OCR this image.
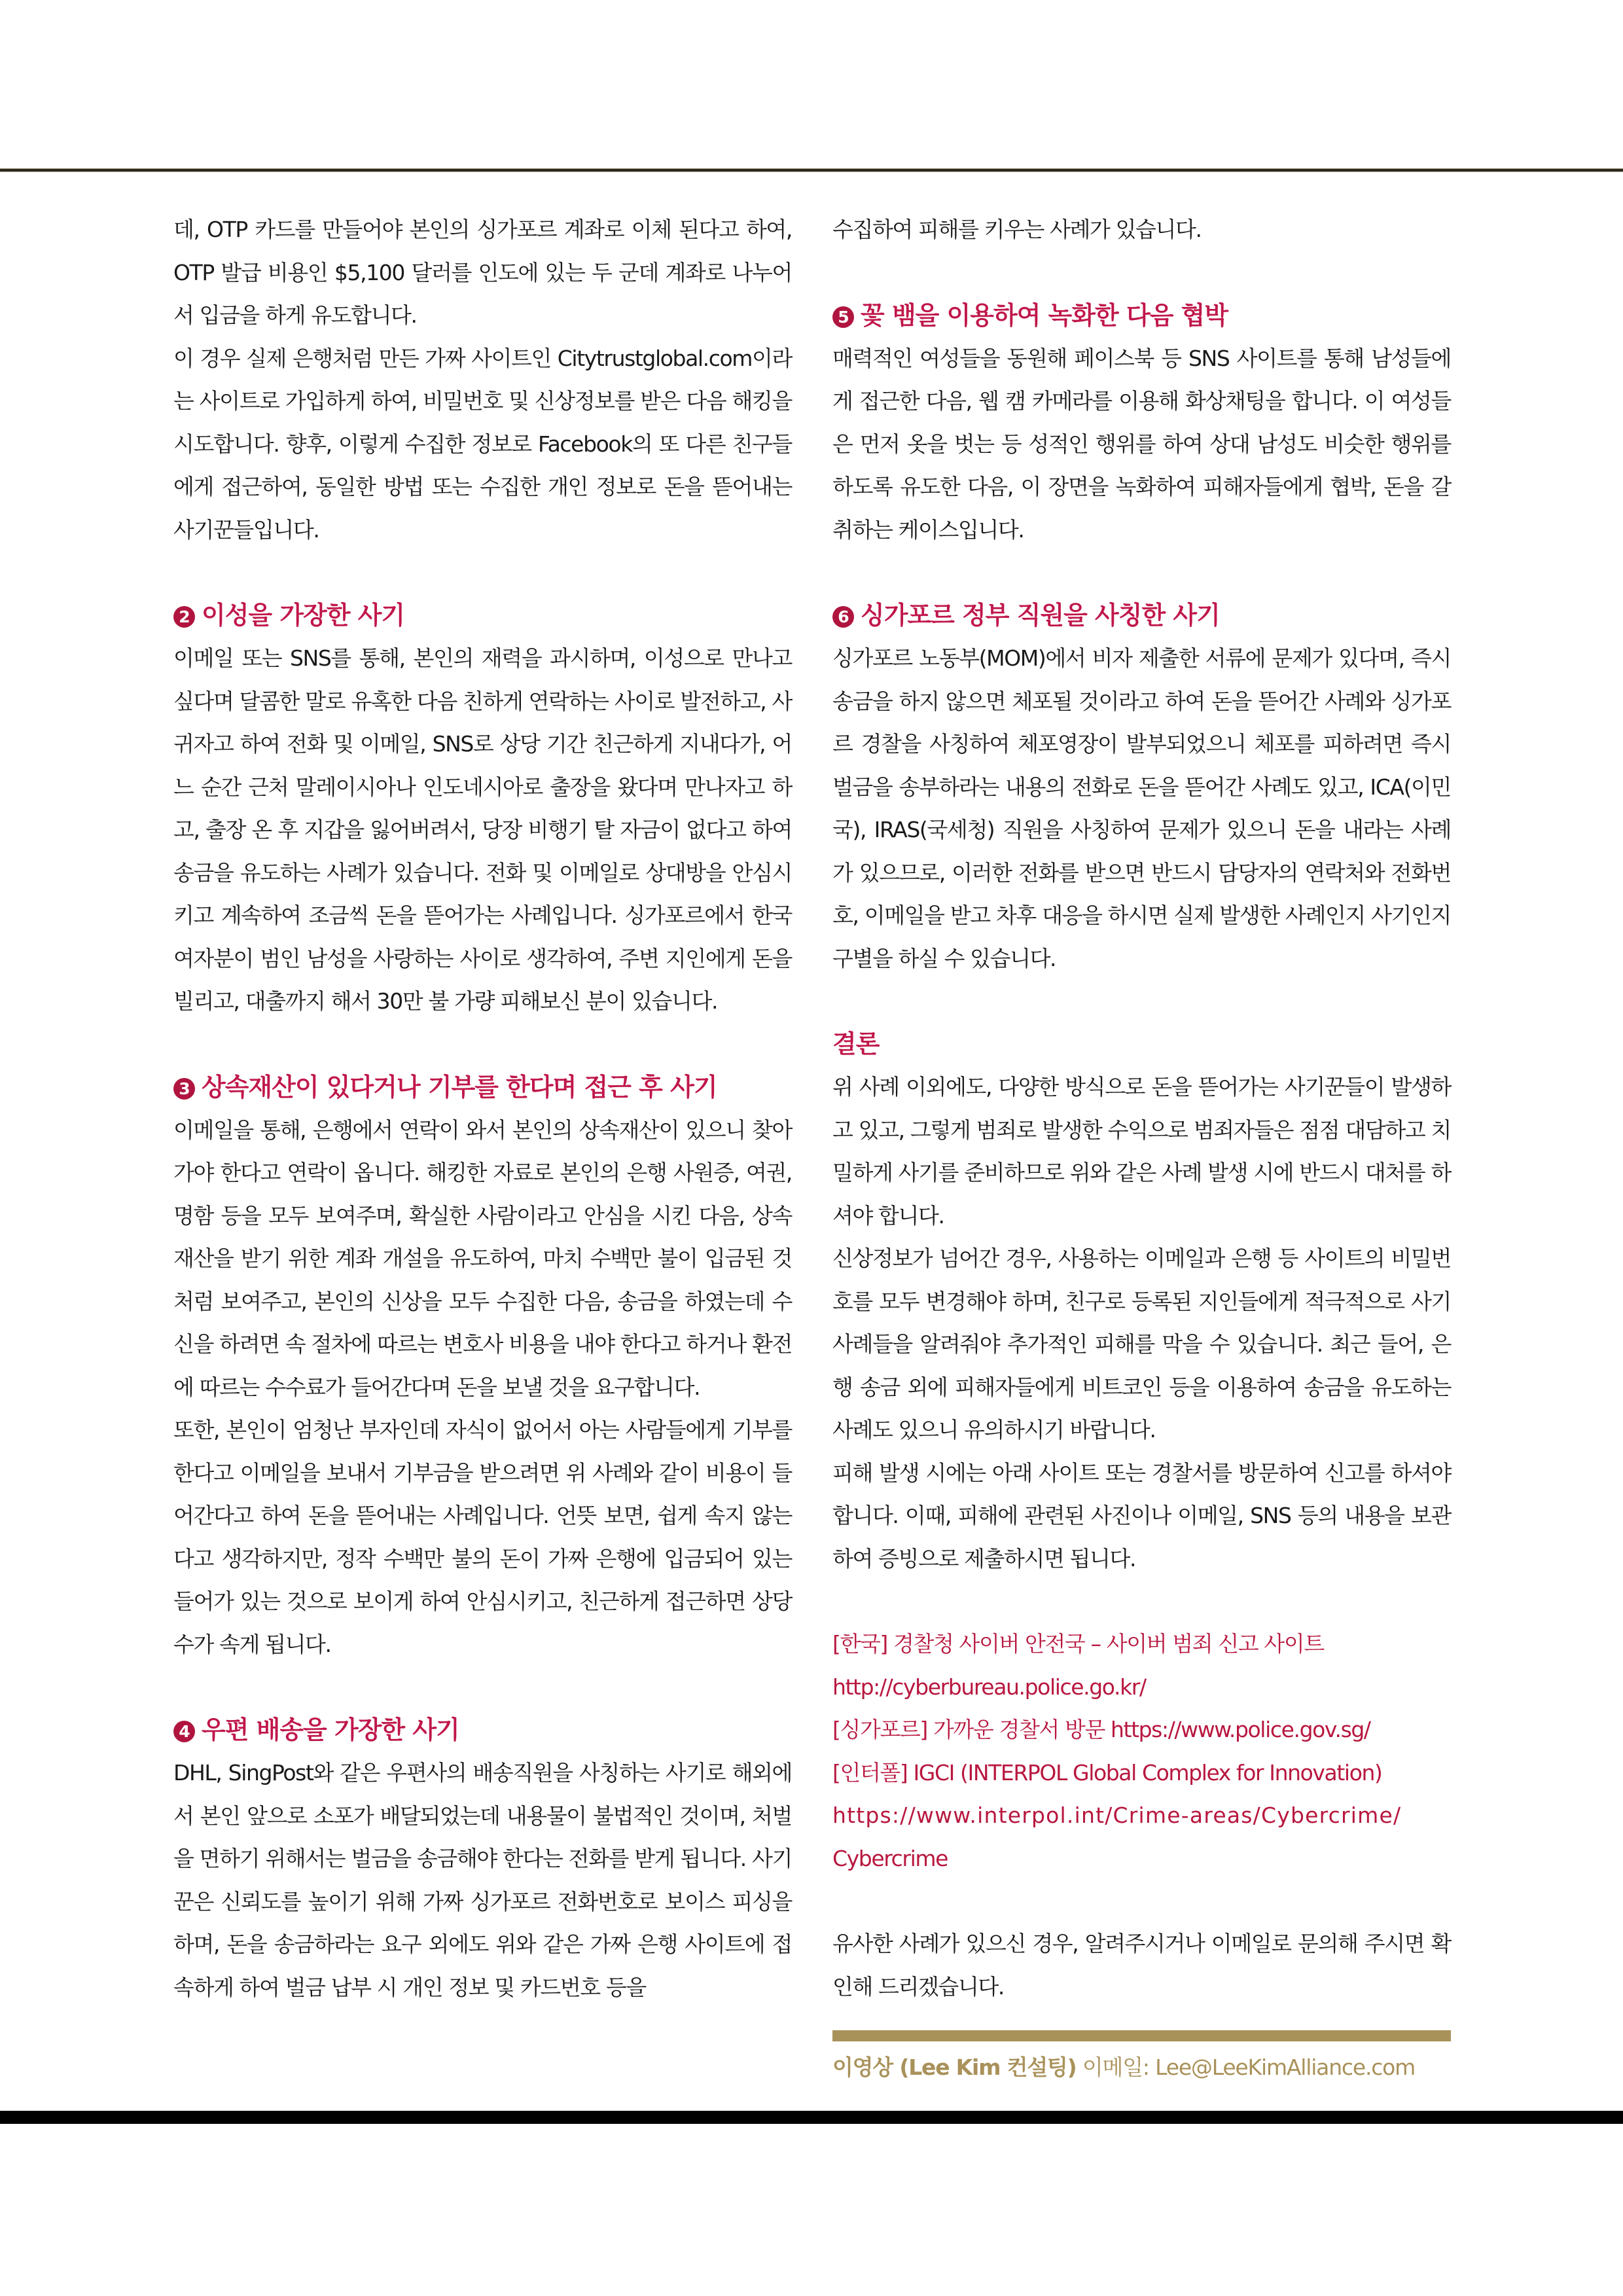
데, OTP 카드를 만들어야 본인의 싱가포르 계좌로 이체 된다고 하여, OTP 발급 비용인 $5,100 달러를 인도에 있는 두 군데 계좌로 나누어서 입금을 하게 유도합니다.

이 경우 실제 은행처럼 만든 가짜 사이트인 Citytrustglobal.com이라는 사이트로 가입하게 하여, 비밀번호 및 신상정보를 받은 다음 해킹을 시도합니다. 향후, 이렇게 수집한 정보로 Facebook의 또 다른 친구들에게 접근하여, 동일한 방법 또는 수집한 개인 정보로 돈을 뜯어내는 사기꾼들입니다.

2 이성을 가장한 사기

이메일 또는 SNS를 통해, 본인의 재력을 과시하며, 이성으로 만나고 싶다며 달콤한 말로 유혹한 다음 친하게 연락하는 사이로 발전하고, 사귀자고 하여 전화 및 이메일, SNS로 상당 기간 친근하게 지내다가, 어느 순간 근처 말레이시아나 인도네시아로 출장을 왔다며 만나자고 하고, 출장 온 후 지갑을 잃어버려서, 당장 비행기 탈 자금이 없다고 하여 송금을 유도하는 사례가 있습니다. 전화 및 이메일로 상대방을 안심시키고 계속하여 조금씩 돈을 뜯어가는 사례입니다. 싱가포르에서 한국 여자분이 범인 남성을 사랑하는 사이로 생각하여, 주변 지인에게 돈을 빌리고, 대출까지 해서 30만 불 가량 피해보신 분이 있습니다.

3 상속재산이 있다거나 기부를 한다며 접근 후 사기

이메일을 통해, 은행에서 연락이 와서 본인의 상속재산이 있으니 찾아가야 한다고 연락이 옵니다. 해킹한 자료로 본인의 은행 사원증, 여권, 명함 등을 모두 보여주며, 확실한 사람이라고 안심을 시킨 다음, 상속재산을 받기 위한 계좌 개설을 유도하여, 마치 수백만 불이 입금된 것처럼 보여주고, 본인의 신상을 모두 수집한 다음, 송금을 하였는데 수신을 하려면 속 절차에 따르는 변호사 비용을 내야 한다고 하거나 환전에 따르는 수수료가 들어간다며 돈을 보낼 것을 요구합니다.

또한, 본인이 엄청난 부자인데 자식이 없어서 아는 사람들에게 기부를 한다고 이메일을 보내서 기부금을 받으려면 위 사례와 같이 비용이 들어간다고 하여 돈을 뜯어내는 사례입니다. 언뜻 보면, 쉽게 속지 않는다고 생각하지만, 정작 수백만 불의 돈이 가짜 은행에 입금되어 있는 들어가 있는 것으로 보이게 하여 안심시키고, 친근하게 접근하면 상당수가 속게 됩니다.

4 우편 배송을 가장한 사기

DHL, SingPost와 같은 우편사의 배송직원을 사칭하는 사기로 해외에서 본인 앞으로 소포가 배달되었는데 내용물이 불법적인 것이며, 처벌을 면하기 위해서는 벌금을 송금해야 한다는 전화를 받게 됩니다. 사기꾼은 신뢰도를 높이기 위해 가짜 싱가포르 전화번호로 보이스 피싱을 하며, 돈을 송금하라는 요구 외에도 위와 같은 가짜 은행 사이트에 접속하게 하여 벌금 납부 시 개인 정보 및 카드번호 등을

수집하여 피해를 키우는 사례가 있습니다.

5 꽃 뱀을 이용하여 녹화한 다음 협박

매력적인 여성들을 동원해 페이스북 등 SNS 사이트를 통해 남성들에게 접근한 다음, 웹 캠 카메라를 이용해 화상채팅을 합니다. 이 여성들은 먼저 옷을 벗는 등 성적인 행위를 하여 상대 남성도 비슷한 행위를 하도록 유도한 다음, 이 장면을 녹화하여 피해자들에게 협박, 돈을 갈취하는 케이스입니다.

6 싱가포르 정부 직원을 사칭한 사기

싱가포르 노동부(MOM)에서 비자 제출한 서류에 문제가 있다며, 즉시 송금을 하지 않으면 체포될 것이라고 하여 돈을 뜯어간 사례와 싱가포르 경찰을 사칭하여 체포영장이 발부되었으니 체포를 피하려면 즉시 벌금을 송부하라는 내용의 전화로 돈을 뜯어간 사례도 있고, ICA(이민국), IRAS(국세청) 직원을 사칭하여 문제가 있으니 돈을 내라는 사례가 있으므로, 이러한 전화를 받으면 반드시 담당자의 연락처와 전화번호, 이메일을 받고 차후 대응을 하시면 실제 발생한 사례인지 사기인지 구별을 하실 수 있습니다.

결론

위 사례 이외에도, 다양한 방식으로 돈을 뜯어가는 사기꾼들이 발생하고 있고, 그렇게 범죄로 발생한 수익으로 범죄자들은 점점 대담하고 치밀하게 사기를 준비하므로 위와 같은 사례 발생 시에 반드시 대처를 하셔야 합니다.

신상정보가 넘어간 경우, 사용하는 이메일과 은행 등 사이트의 비밀번호를 모두 변경해야 하며, 친구로 등록된 지인들에게 적극적으로 사기 사례들을 알려줘야 추가적인 피해를 막을 수 있습니다. 최근 들어, 은행 송금 외에 피해자들에게 비트코인 등을 이용하여 송금을 유도하는 사례도 있으니 유의하시기 바랍니다.

피해 발생 시에는 아래 사이트 또는 경찰서를 방문하여 신고를 하셔야 합니다. 이때, 피해에 관련된 사진이나 이메일, SNS 등의 내용을 보관하여 증빙으로 제출하시면 됩니다.

[한국] 경찰청 사이버 안전국 – 사이버 범죄 신고 사이트

http://cyberbureau.police.go.kr/

[싱가포르] 가까운 경찰서 방문 https://www.police.gov.sg/

[인터폴] IGCI (INTERPOL Global Complex for Innovation)

https://www.interpol.int/Crime-areas/Cybercrime/

Cybercrime

유사한 사례가 있으신 경우, 알려주시거나 이메일로 문의해 주시면 확인해 드리겠습니다.

이영상 (Lee Kim 컨설팅) 이메일: Lee@LeeKimAlliance.com
